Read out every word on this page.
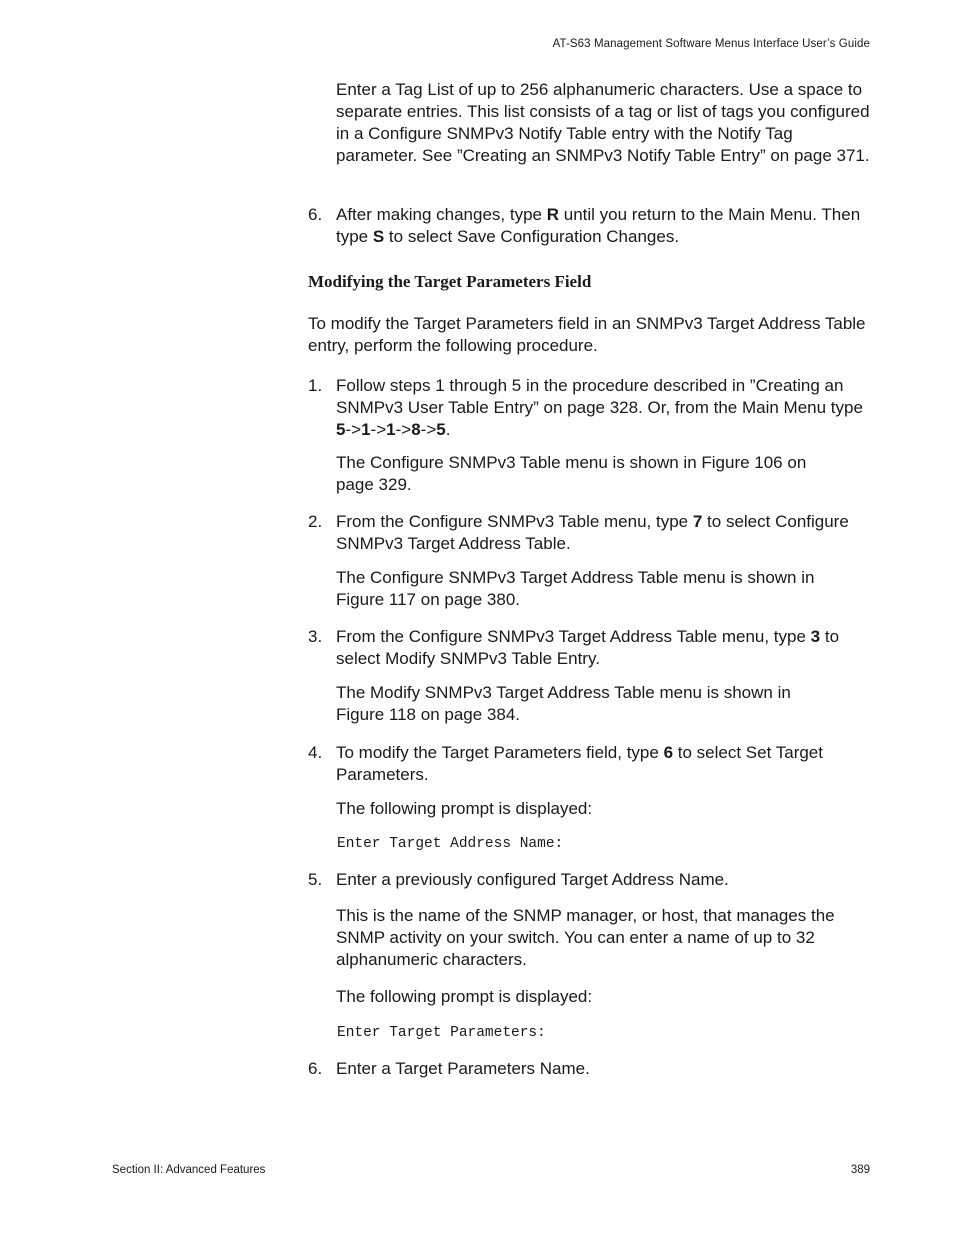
AT-S63 Management Software Menus Interface User’s Guide

Enter a Tag List of up to 256 alphanumeric characters. Use a space to separate entries. This list consists of a tag or list of tags you configured in a Configure SNMPv3 Notify Table entry with the Notify Tag parameter. See ”Creating an SNMPv3 Notify Table Entry” on page 371.

6. After making changes, type R until you return to the Main Menu. Then type S to select Save Configuration Changes.

Modifying the Target Parameters Field

To modify the Target Parameters field in an SNMPv3 Target Address Table entry, perform the following procedure.

1. Follow steps 1 through 5 in the procedure described in ”Creating an SNMPv3 User Table Entry” on page 328. Or, from the Main Menu type 5->1->1->8->5.

The Configure SNMPv3 Table menu is shown in Figure 106 on page 329.

2. From the Configure SNMPv3 Table menu, type 7 to select Configure SNMPv3 Target Address Table.

The Configure SNMPv3 Target Address Table menu is shown in Figure 117 on page 380.

3. From the Configure SNMPv3 Target Address Table menu, type 3 to select Modify SNMPv3 Table Entry.

The Modify SNMPv3 Target Address Table menu is shown in Figure 118 on page 384.

4. To modify the Target Parameters field, type 6 to select Set Target Parameters.

The following prompt is displayed:

Enter Target Address Name:

5. Enter a previously configured Target Address Name.

This is the name of the SNMP manager, or host, that manages the SNMP activity on your switch. You can enter a name of up to 32 alphanumeric characters.

The following prompt is displayed:

Enter Target Parameters:

6. Enter a Target Parameters Name.

Section II: Advanced Features	389
